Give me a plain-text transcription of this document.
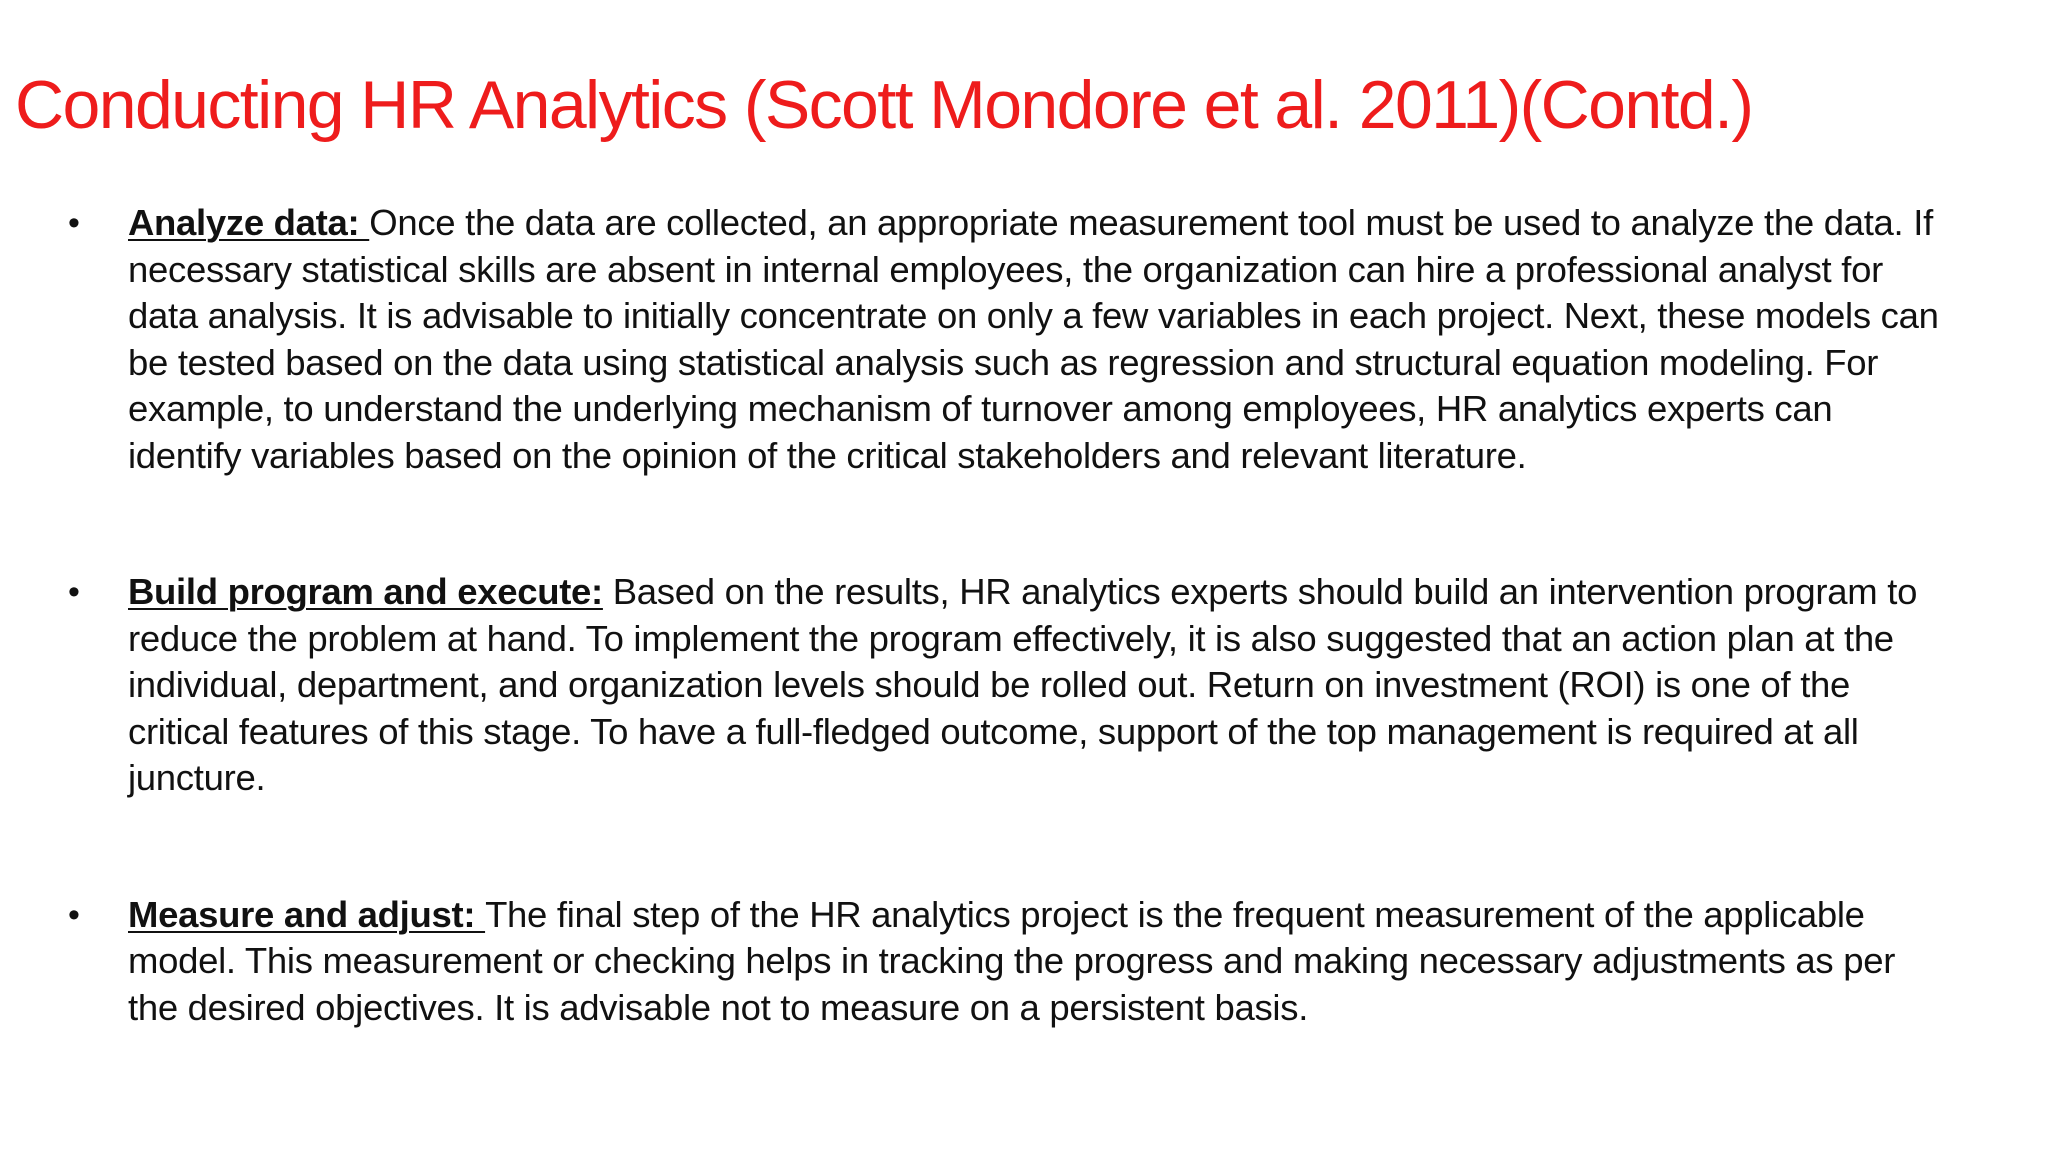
Conducting HR Analytics (Scott Mondore et al. 2011)(Contd.)
• Analyze data: Once the data are collected, an appropriate measurement tool must be used to analyze the data. If necessary statistical skills are absent in internal employees, the organization can hire a professional analyst for data analysis. It is advisable to initially concentrate on only a few variables in each project. Next, these models can be tested based on the data using statistical analysis such as regression and structural equation modeling. For example, to understand the underlying mechanism of turnover among employees, HR analytics experts can identify variables based on the opinion of the critical stakeholders and relevant literature.
• Build program and execute: Based on the results, HR analytics experts should build an intervention program to reduce the problem at hand. To implement the program effectively, it is also suggested that an action plan at the individual, department, and organization levels should be rolled out. Return on investment (ROI) is one of the critical features of this stage. To have a full-fledged outcome, support of the top management is required at all juncture.
• Measure and adjust: The final step of the HR analytics project is the frequent measurement of the applicable model. This measurement or checking helps in tracking the progress and making necessary adjustments as per the desired objectives. It is advisable not to measure on a persistent basis.
